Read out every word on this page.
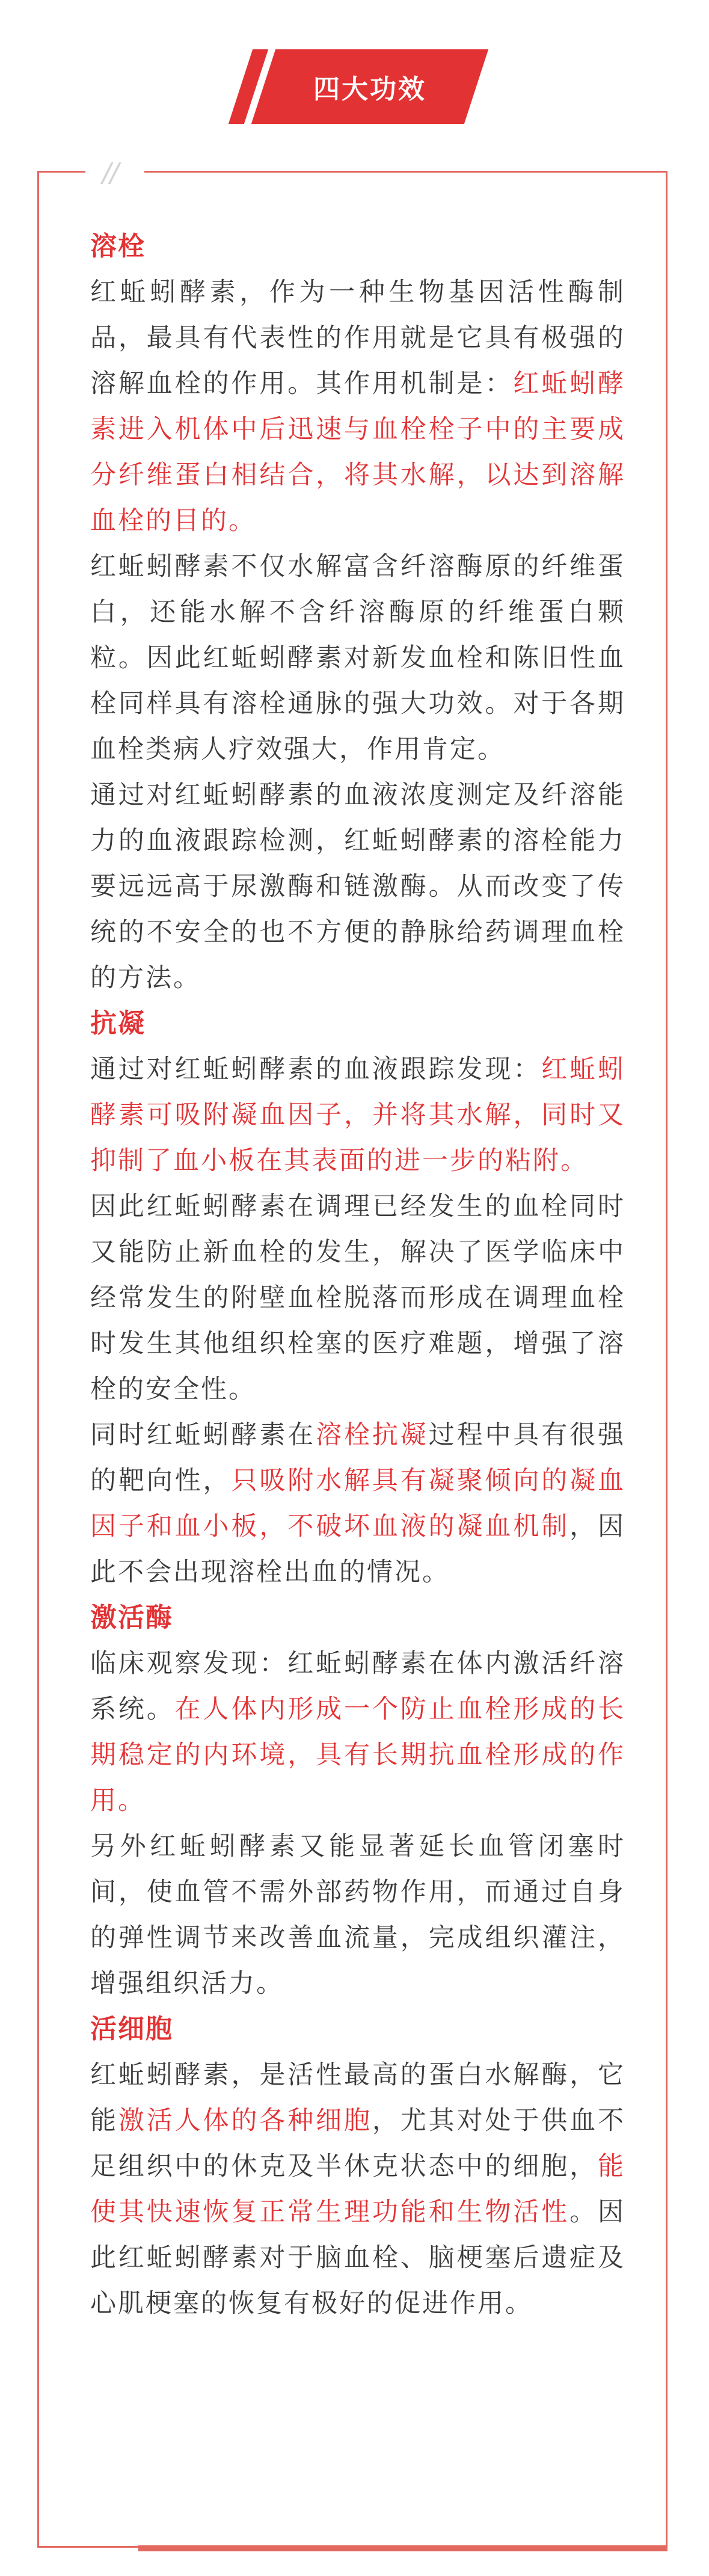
四大功效
//
溶栓

红蚯蚓酵素，作为一种生物基因活性酶制品，最具有代表性的作用就是它具有极强的溶解血栓的作用。其作用机制是：红蚯蚓酵素进入机体中后迅速与血栓栓子中的主要成分纤维蛋白相结合，将其水解，以达到溶解血栓的目的。

红蚯蚓酵素不仅水解富含纤溶酶原的纤维蛋白，还能水解不含纤溶酶原的纤维蛋白颗粒。因此红蚯蚓酵素对新发血栓和陈旧性血栓同样具有溶栓通脉的强大功效。对于各期血栓类病人疗效强大，作用肯定。

通过对红蚯蚓酵素的血液浓度测定及纤溶能力的血液跟踪检测，红蚯蚓酵素的溶栓能力要远远高于尿激酶和链激酶。从而改变了传统的不安全的也不方便的静脉给药调理血栓的方法。

抗凝

通过对红蚯蚓酵素的血液跟踪发现：红蚯蚓酵素可吸附凝血因子，并将其水解，同时又抑制了血小板在其表面的进一步的粘附。

因此红蚯蚓酵素在调理已经发生的血栓同时又能防止新血栓的发生，解决了医学临床中经常发生的附壁血栓脱落而形成在调理血栓时发生其他组织栓塞的医疗难题，增强了溶栓的安全性。

同时红蚯蚓酵素在溶栓抗凝过程中具有很强的靶向性，只吸附水解具有凝聚倾向的凝血因子和血小板，不破坏血液的凝血机制，因此不会出现溶栓出血的情况。

激活酶

临床观察发现：红蚯蚓酵素在体内激活纤溶系统。在人体内形成一个防止血栓形成的长期稳定的内环境，具有长期抗血栓形成的作用。

另外红蚯蚓酵素又能显著延长血管闭塞时间，使血管不需外部药物作用，而通过自身的弹性调节来改善血流量，完成组织灌注，增强组织活力。

活细胞

红蚯蚓酵素，是活性最高的蛋白水解酶，它能激活人体的各种细胞，尤其对处于供血不足组织中的休克及半休克状态中的细胞，能使其快速恢复正常生理功能和生物活性。因此红蚯蚓酵素对于脑血栓、脑梗塞后遗症及心肌梗塞的恢复有极好的促进作用。
